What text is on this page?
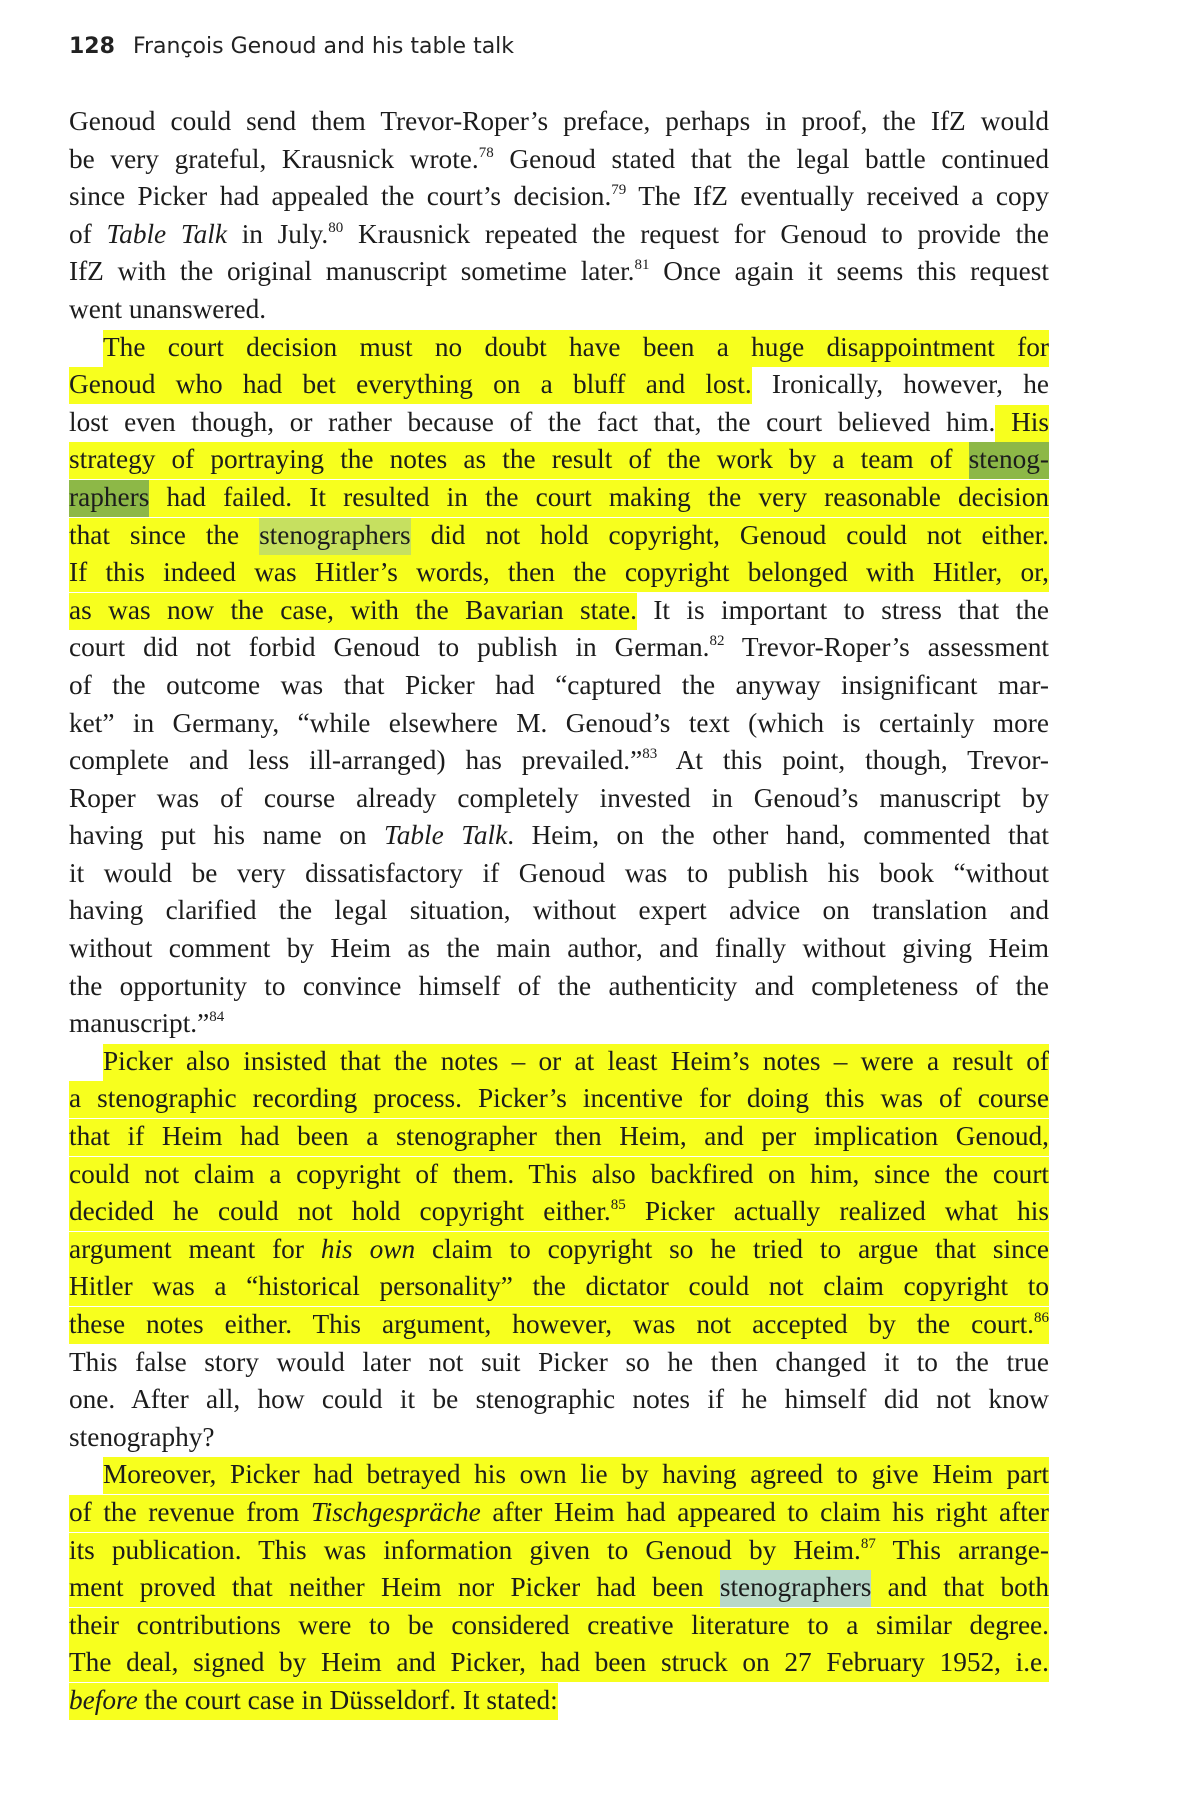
128 François Genoud and his table talk
Genoud could send them Trevor-Roper’s preface, perhaps in proof, the IfZ would
be very grateful, Krausnick wrote.$^{78}$ Genoud stated that the legal battle continued
since Picker had appealed the court’s decision.$^{79}$ The IfZ eventually received a copy
of Table Talk in July.$^{80}$ Krausnick repeated the request for Genoud to provide the
IfZ with the original manuscript sometime later.$^{81}$ Once again it seems this request
went unanswered.
The court decision must no doubt have been a huge disappointment for
Genoud who had bet everything on a bluff and lost. Ironically, however, he
lost even though, or rather because of the fact that, the court believed him. His
strategy of portraying the notes as the result of the work by a team of stenog-
raphers had failed. It resulted in the court making the very reasonable decision
that since the stenographers did not hold copyright, Genoud could not either.
If this indeed was Hitler’s words, then the copyright belonged with Hitler, or,
as was now the case, with the Bavarian state. It is important to stress that the
court did not forbid Genoud to publish in German.$^{82}$ Trevor-Roper’s assessment
of the outcome was that Picker had “captured the anyway insignificant mar-
ket” in Germany, “while elsewhere M. Genoud’s text (which is certainly more
complete and less ill-arranged) has prevailed.”$^{83}$ At this point, though, Trevor-
Roper was of course already completely invested in Genoud’s manuscript by
having put his name on Table Talk. Heim, on the other hand, commented that
it would be very dissatisfactory if Genoud was to publish his book “without
having clarified the legal situation, without expert advice on translation and
without comment by Heim as the main author, and finally without giving Heim
the opportunity to convince himself of the authenticity and completeness of the
manuscript.”$^{84}$
Picker also insisted that the notes – or at least Heim’s notes – were a result of
a stenographic recording process. Picker’s incentive for doing this was of course
that if Heim had been a stenographer then Heim, and per implication Genoud,
could not claim a copyright of them. This also backfired on him, since the court
decided he could not hold copyright either.$^{85}$ Picker actually realized what his
argument meant for his own claim to copyright so he tried to argue that since
Hitler was a “historical personality” the dictator could not claim copyright to
these notes either. This argument, however, was not accepted by the court.$^{86}$
This false story would later not suit Picker so he then changed it to the true
one. After all, how could it be stenographic notes if he himself did not know
stenography?
Moreover, Picker had betrayed his own lie by having agreed to give Heim part
of the revenue from Tischgespräche after Heim had appeared to claim his right after
its publication. This was information given to Genoud by Heim.$^{87}$ This arrange-
ment proved that neither Heim nor Picker had been stenographers and that both
their contributions were to be considered creative literature to a similar degree.
The deal, signed by Heim and Picker, had been struck on 27 February 1952, i.e.
before the court case in Düsseldorf. It stated:
